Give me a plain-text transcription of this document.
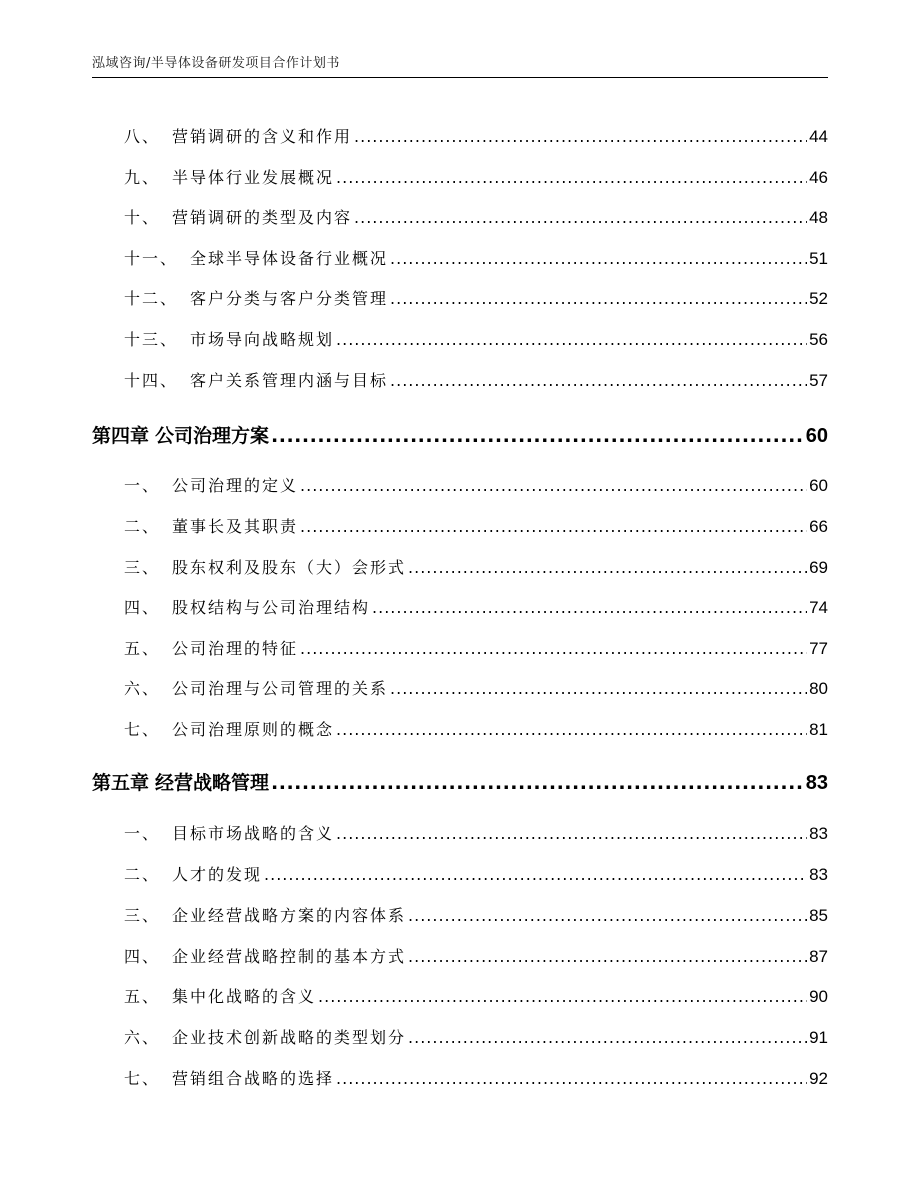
泓域咨询/半导体设备研发项目合作计划书
八、 营销调研的含义和作用 .....	44
九、 半导体行业发展概况 .....	46
十、 营销调研的类型及内容 .....	48
十一、 全球半导体设备行业概况 .....	51
十二、 客户分类与客户分类管理 .....	52
十三、 市场导向战略规划 .....	56
十四、 客户关系管理内涵与目标 .....	57
第四章 公司治理方案 .....	60
一、 公司治理的定义 .....	60
二、 董事长及其职责 .....	66
三、 股东权利及股东（大）会形式 .....	69
四、 股权结构与公司治理结构 .....	74
五、 公司治理的特征 .....	77
六、 公司治理与公司管理的关系 .....	80
七、 公司治理原则的概念 .....	81
第五章 经营战略管理 .....	83
一、 目标市场战略的含义 .....	83
二、 人才的发现 .....	83
三、 企业经营战略方案的内容体系 .....	85
四、 企业经营战略控制的基本方式 .....	87
五、 集中化战略的含义 .....	90
六、 企业技术创新战略的类型划分 .....	91
七、 营销组合战略的选择 .....	92
